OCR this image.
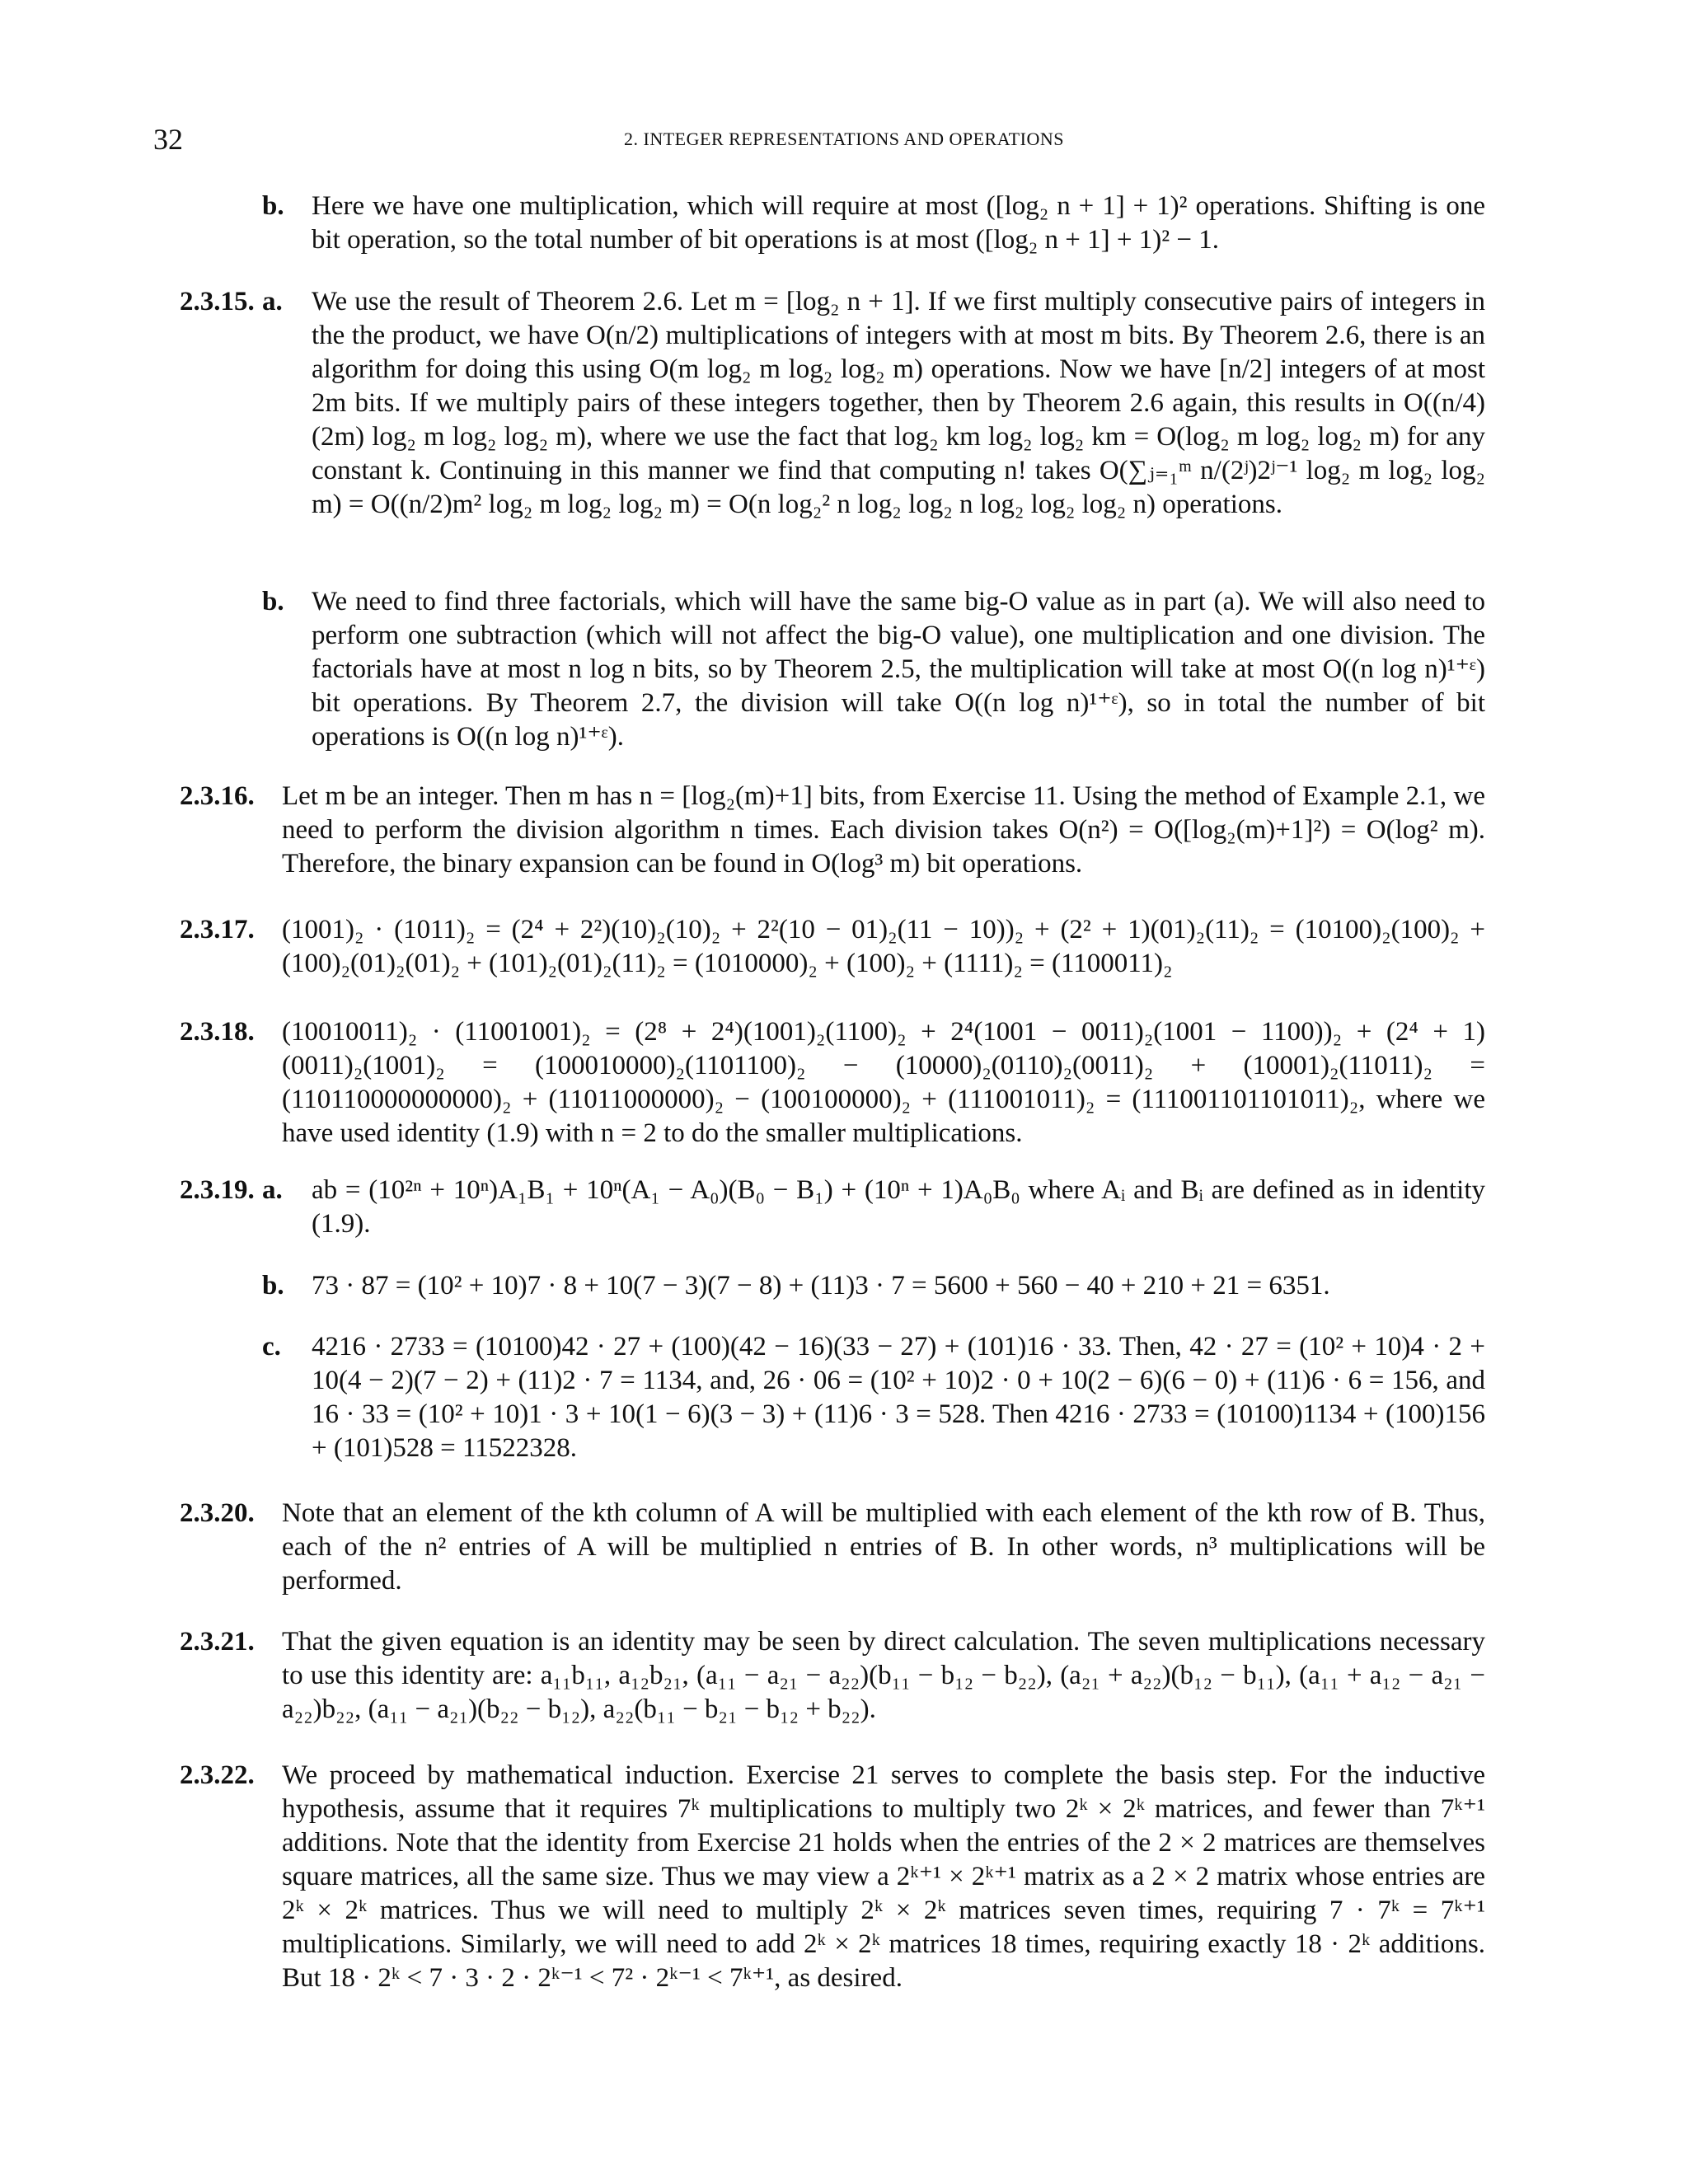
32	2. INTEGER REPRESENTATIONS AND OPERATIONS
b. Here we have one multiplication, which will require at most ([log₂ n + 1] + 1)² operations. Shifting is one bit operation, so the total number of bit operations is at most ([log₂ n + 1] + 1)² − 1.
2.3.15. a. We use the result of Theorem 2.6. Let m = [log₂ n + 1]. If we first multiply consecutive pairs of integers in the the product, we have O(n/2) multiplications of integers with at most m bits. By Theorem 2.6, there is an algorithm for doing this using O(m log₂ m log₂ log₂ m) operations. Now we have [n/2] integers of at most 2m bits. If we multiply pairs of these integers together, then by Theorem 2.6 again, this results in O((n/4)(2m) log₂ m log₂ log₂ m), where we use the fact that log₂ km log₂ log₂ km = O(log₂ m log₂ log₂ m) for any constant k. Continuing in this manner we find that computing n! takes O(∑ⱼ₌₁ᵐ n/(2ʲ)2ʲ⁻¹ log₂ m log₂ log₂ m) = O((n/2)m² log₂ m log₂ log₂ m) = O(n log₂² n log₂ log₂ n log₂ log₂ log₂ n) operations.
b. We need to find three factorials, which will have the same big-O value as in part (a). We will also need to perform one subtraction (which will not affect the big-O value), one multiplication and one division. The factorials have at most n log n bits, so by Theorem 2.5, the multiplication will take at most O((n log n)¹⁺ᵋ) bit operations. By Theorem 2.7, the division will take O((n log n)¹⁺ᵋ), so in total the number of bit operations is O((n log n)¹⁺ᵋ).
2.3.16. Let m be an integer. Then m has n = [log₂(m)+1] bits, from Exercise 11. Using the method of Example 2.1, we need to perform the division algorithm n times. Each division takes O(n²) = O([log₂(m)+1]²) = O(log² m). Therefore, the binary expansion can be found in O(log³ m) bit operations.
2.3.17. (1001)₂ · (1011)₂ = (2⁴ + 2²)(10)₂(10)₂ + 2²(10 − 01)₂(11 − 10))₂ + (2² + 1)(01)₂(11)₂ = (10100)₂(100)₂ + (100)₂(01)₂(01)₂ + (101)₂(01)₂(11)₂ = (1010000)₂ + (100)₂ + (1111)₂ = (1100011)₂
2.3.18. (10010011)₂ · (11001001)₂ = (2⁸ + 2⁴)(1001)₂(1100)₂ + 2⁴(1001 − 0011)₂(1001 − 1100))₂ + (2⁴ + 1)(0011)₂(1001)₂ = (100010000)₂(1101100)₂ − (10000)₂(0110)₂(0011)₂ + (10001)₂(11011)₂ = (110110000000000)₂ + (11011000000)₂ − (100100000)₂ + (111001011)₂ = (111001101101011)₂, where we have used identity (1.9) with n = 2 to do the smaller multiplications.
2.3.19. a. ab = (10²ⁿ + 10ⁿ)A₁B₁ + 10ⁿ(A₁ − A₀)(B₀ − B₁) + (10ⁿ + 1)A₀B₀ where Aᵢ and Bᵢ are defined as in identity (1.9).
b. 73 · 87 = (10² + 10)7 · 8 + 10(7 − 3)(7 − 8) + (11)3 · 7 = 5600 + 560 − 40 + 210 + 21 = 6351.
c. 4216 · 2733 = (10100)42 · 27 + (100)(42 − 16)(33 − 27) + (101)16 · 33. Then, 42 · 27 = (10² + 10)4 · 2 + 10(4 − 2)(7 − 2) + (11)2 · 7 = 1134, and, 26 · 06 = (10² + 10)2 · 0 + 10(2 − 6)(6 − 0) + (11)6 · 6 = 156, and 16 · 33 = (10² + 10)1 · 3 + 10(1 − 6)(3 − 3) + (11)6 · 3 = 528. Then 4216 · 2733 = (10100)1134 + (100)156 + (101)528 = 11522328.
2.3.20. Note that an element of the kth column of A will be multiplied with each element of the kth row of B. Thus, each of the n² entries of A will be multiplied n entries of B. In other words, n³ multiplications will be performed.
2.3.21. That the given equation is an identity may be seen by direct calculation. The seven multiplications necessary to use this identity are: a₁₁b₁₁, a₁₂b₂₁, (a₁₁ − a₂₁ − a₂₂)(b₁₁ − b₁₂ − b₂₂), (a₂₁ + a₂₂)(b₁₂ − b₁₁), (a₁₁ + a₁₂ − a₂₁ − a₂₂)b₂₂, (a₁₁ − a₂₁)(b₂₂ − b₁₂), a₂₂(b₁₁ − b₂₁ − b₁₂ + b₂₂).
2.3.22. We proceed by mathematical induction. Exercise 21 serves to complete the basis step. For the inductive hypothesis, assume that it requires 7ᵏ multiplications to multiply two 2ᵏ × 2ᵏ matrices, and fewer than 7ᵏ⁺¹ additions. Note that the identity from Exercise 21 holds when the entries of the 2 × 2 matrices are themselves square matrices, all the same size. Thus we may view a 2ᵏ⁺¹ × 2ᵏ⁺¹ matrix as a 2 × 2 matrix whose entries are 2ᵏ × 2ᵏ matrices. Thus we will need to multiply 2ᵏ × 2ᵏ matrices seven times, requiring 7 · 7ᵏ = 7ᵏ⁺¹ multiplications. Similarly, we will need to add 2ᵏ × 2ᵏ matrices 18 times, requiring exactly 18 · 2ᵏ additions. But 18 · 2ᵏ < 7 · 3 · 2 · 2ᵏ⁻¹ < 7² · 2ᵏ⁻¹ < 7ᵏ⁺¹, as desired.
